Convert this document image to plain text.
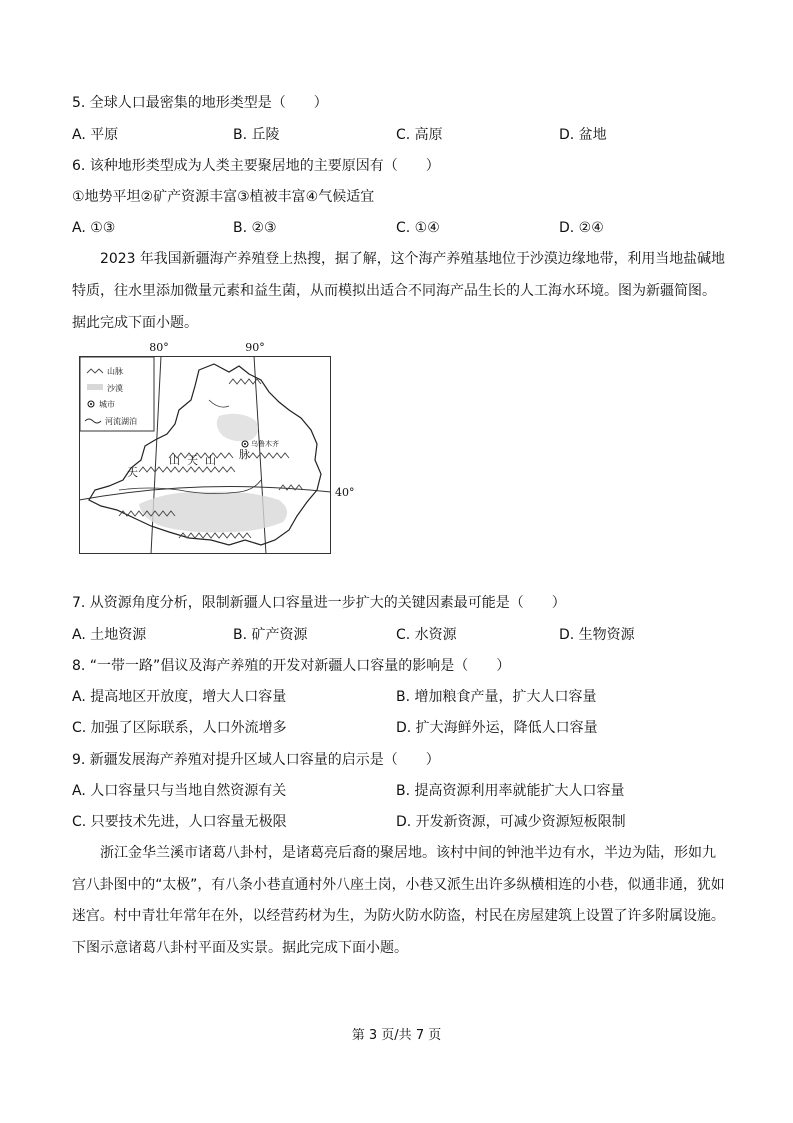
5. 全球人口最密集的地形类型是（　　）
A. 平原	B. 丘陵	C. 高原	D. 盆地
6. 该种地形类型成为人类主要聚居地的主要原因有（　　）
①地势平坦②矿产资源丰富③植被丰富④气候适宜
A. ①③	B. ②③	C. ①④	D. ②④
2023 年我国新疆海产养殖登上热搜，据了解，这个海产养殖基地位于沙漠边缘地带，利用当地盐碱地
特质，往水里添加微量元素和益生菌，从而模拟出适合不同海产品生长的人工海水环境。图为新疆简图。
据此完成下面小题。
80°	90°
天
山 天 山 脉
乌鲁木齐
40°
山脉
沙漠
城市
河流湖泊
7. 从资源角度分析，限制新疆人口容量进一步扩大的关键因素最可能是（　　）
A. 土地资源	B. 矿产资源	C. 水资源	D. 生物资源
8. “一带一路”倡议及海产养殖的开发对新疆人口容量的影响是（　　）
A. 提高地区开放度，增大人口容量	B. 增加粮食产量，扩大人口容量
C. 加强了区际联系，人口外流增多	D. 扩大海鲜外运，降低人口容量
9. 新疆发展海产养殖对提升区域人口容量的启示是（　　）
A. 人口容量只与当地自然资源有关	B. 提高资源利用率就能扩大人口容量
C. 只要技术先进，人口容量无极限	D. 开发新资源，可减少资源短板限制
浙江金华兰溪市诸葛八卦村，是诸葛亮后裔的聚居地。该村中间的钟池半边有水，半边为陆，形如九
宫八卦图中的“太极”，有八条小巷直通村外八座土岗，小巷又派生出许多纵横相连的小巷，似通非通，犹如
迷宫。村中青壮年常年在外，以经营药材为生，为防火防水防盗，村民在房屋建筑上设置了许多附属设施。
下图示意诸葛八卦村平面及实景。据此完成下面小题。
第 3 页/共 7 页
